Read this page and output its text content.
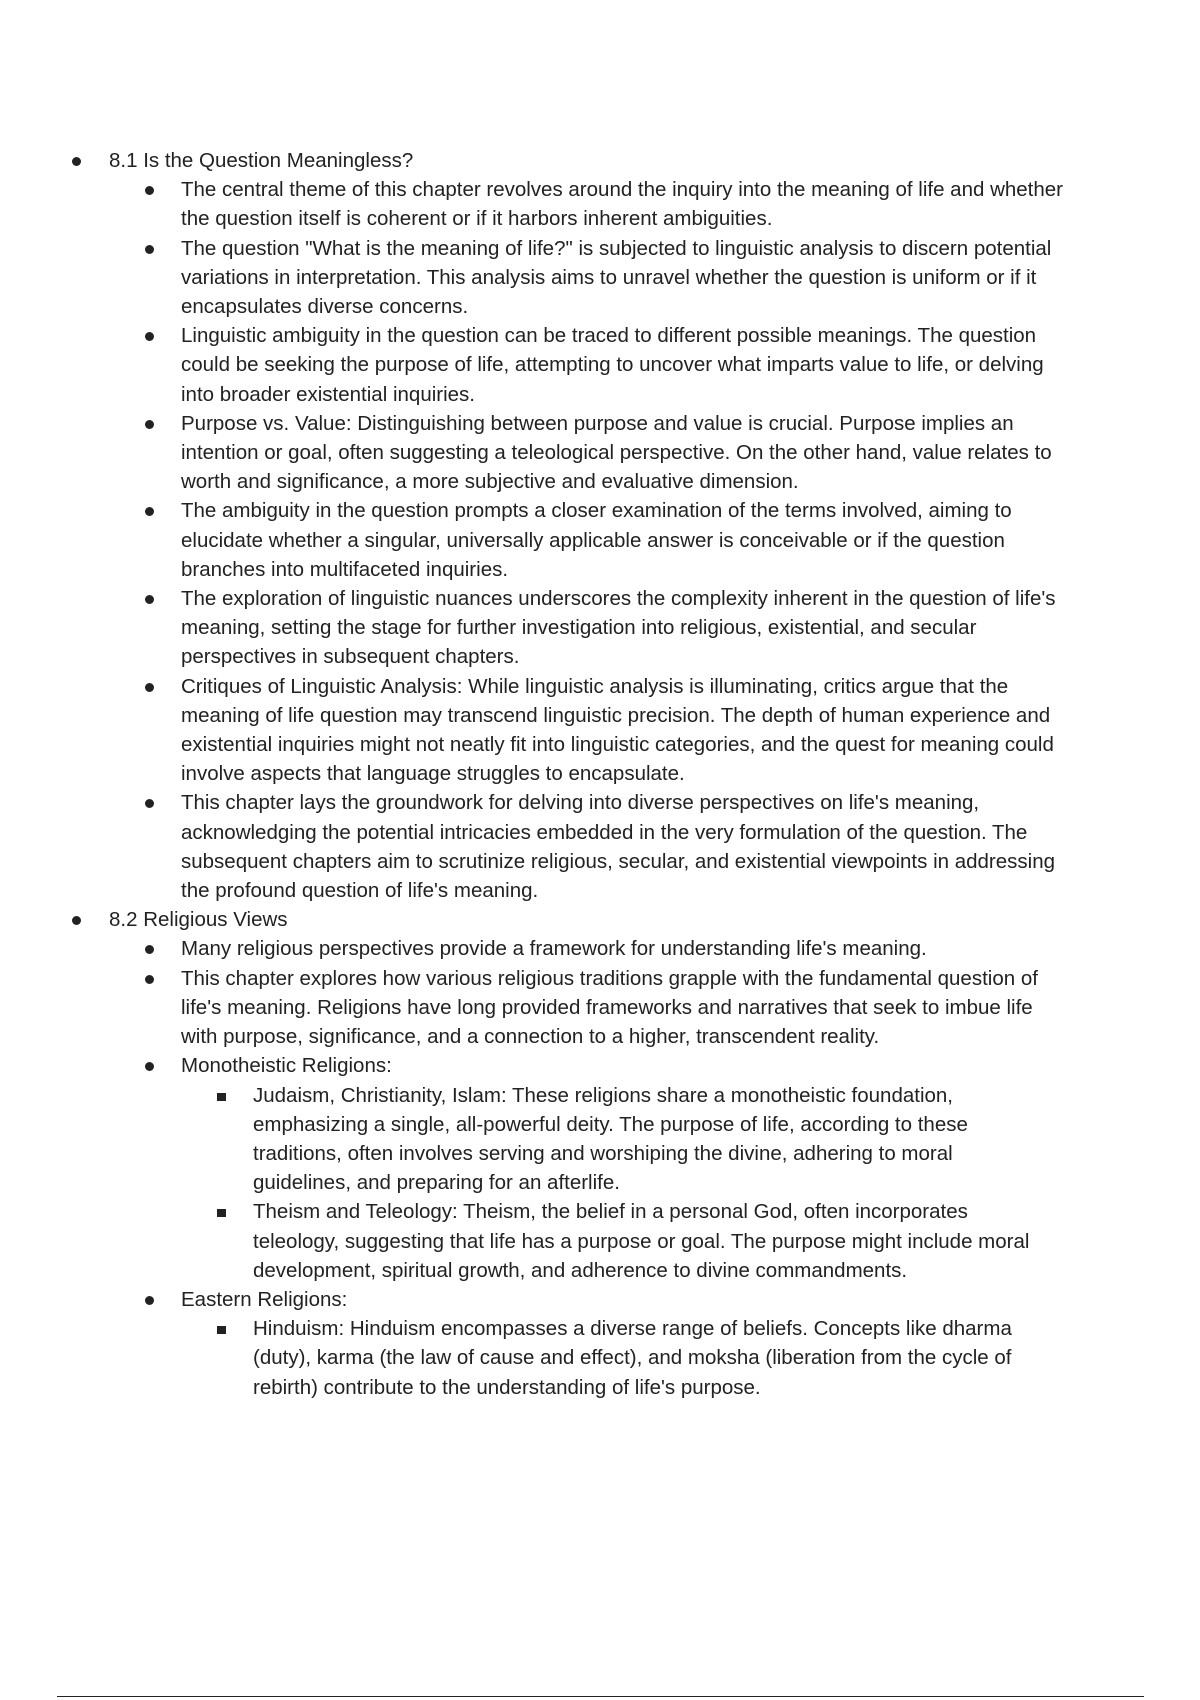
8.1 Is the Question Meaningless?
The central theme of this chapter revolves around the inquiry into the meaning of life and whether the question itself is coherent or if it harbors inherent ambiguities.
The question "What is the meaning of life?" is subjected to linguistic analysis to discern potential variations in interpretation. This analysis aims to unravel whether the question is uniform or if it encapsulates diverse concerns.
Linguistic ambiguity in the question can be traced to different possible meanings. The question could be seeking the purpose of life, attempting to uncover what imparts value to life, or delving into broader existential inquiries.
Purpose vs. Value: Distinguishing between purpose and value is crucial. Purpose implies an intention or goal, often suggesting a teleological perspective. On the other hand, value relates to worth and significance, a more subjective and evaluative dimension.
The ambiguity in the question prompts a closer examination of the terms involved, aiming to elucidate whether a singular, universally applicable answer is conceivable or if the question branches into multifaceted inquiries.
The exploration of linguistic nuances underscores the complexity inherent in the question of life's meaning, setting the stage for further investigation into religious, existential, and secular perspectives in subsequent chapters.
Critiques of Linguistic Analysis: While linguistic analysis is illuminating, critics argue that the meaning of life question may transcend linguistic precision. The depth of human experience and existential inquiries might not neatly fit into linguistic categories, and the quest for meaning could involve aspects that language struggles to encapsulate.
This chapter lays the groundwork for delving into diverse perspectives on life's meaning, acknowledging the potential intricacies embedded in the very formulation of the question. The subsequent chapters aim to scrutinize religious, secular, and existential viewpoints in addressing the profound question of life's meaning.
8.2 Religious Views
Many religious perspectives provide a framework for understanding life's meaning.
This chapter explores how various religious traditions grapple with the fundamental question of life's meaning. Religions have long provided frameworks and narratives that seek to imbue life with purpose, significance, and a connection to a higher, transcendent reality.
Monotheistic Religions:
Judaism, Christianity, Islam: These religions share a monotheistic foundation, emphasizing a single, all-powerful deity. The purpose of life, according to these traditions, often involves serving and worshiping the divine, adhering to moral guidelines, and preparing for an afterlife.
Theism and Teleology: Theism, the belief in a personal God, often incorporates teleology, suggesting that life has a purpose or goal. The purpose might include moral development, spiritual growth, and adherence to divine commandments.
Eastern Religions:
Hinduism: Hinduism encompasses a diverse range of beliefs. Concepts like dharma (duty), karma (the law of cause and effect), and moksha (liberation from the cycle of rebirth) contribute to the understanding of life's purpose.
